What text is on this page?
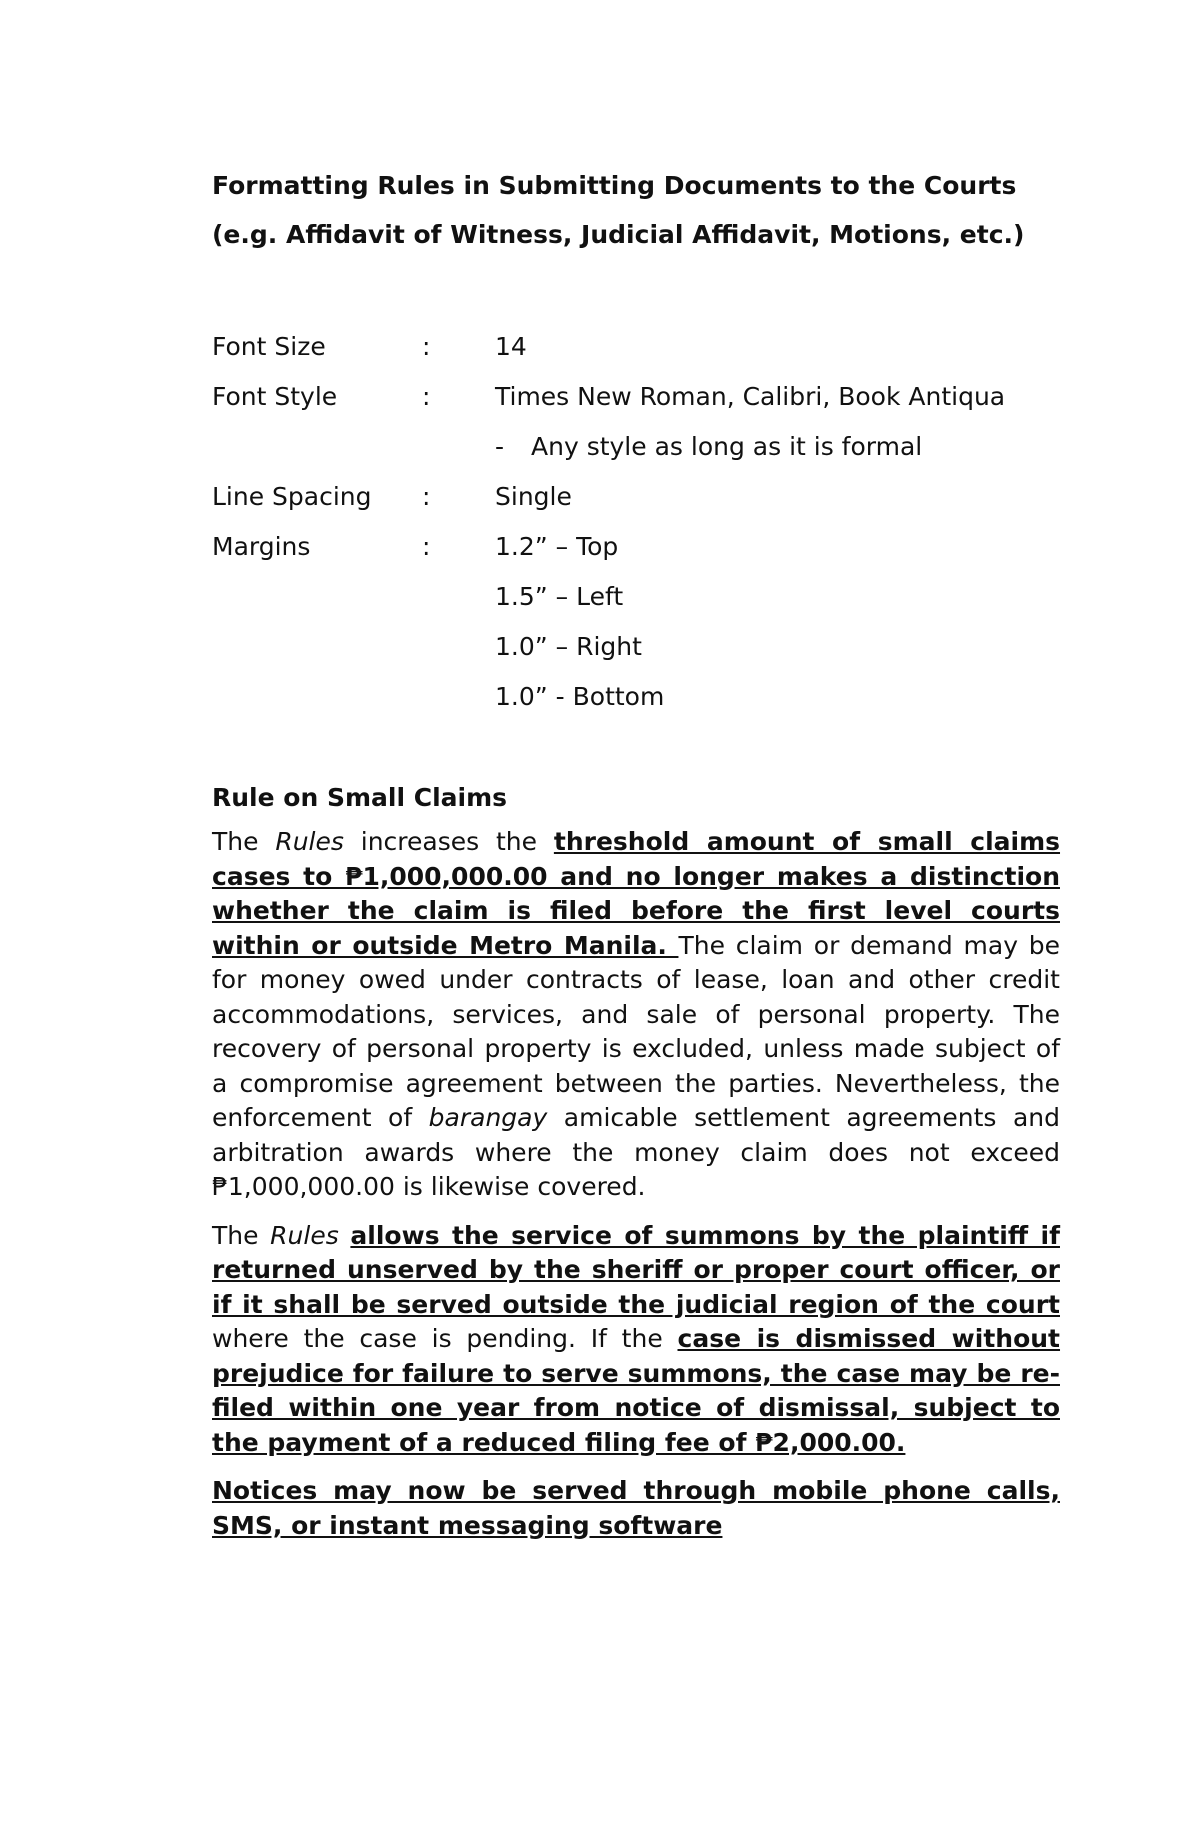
Formatting Rules in Submitting Documents to the Courts

(e.g. Affidavit of Witness, Judicial Affidavit, Motions, etc.)

Font Size	:	14
Font Style	:	Times New Roman, Calibri, Book Antiqua
- Any style as long as it is formal
Line Spacing	:	Single
Margins	:	1.2” – Top
1.5” – Left
1.0” – Right
1.0” - Bottom

Rule on Small Claims

The Rules increases the threshold amount of small claims cases to ₱1,000,000.00 and no longer makes a distinction whether the claim is filed before the first level courts within or outside Metro Manila. The claim or demand may be for money owed under contracts of lease, loan and other credit accommodations, services, and sale of personal property. The recovery of personal property is excluded, unless made subject of a compromise agreement between the parties. Nevertheless, the enforcement of barangay amicable settlement agreements and arbitration awards where the money claim does not exceed ₱1,000,000.00 is likewise covered.

The Rules allows the service of summons by the plaintiff if returned unserved by the sheriff or proper court officer, or if it shall be served outside the judicial region of the court where the case is pending. If the case is dismissed without prejudice for failure to serve summons, the case may be re-filed within one year from notice of dismissal, subject to the payment of a reduced filing fee of ₱2,000.00.

Notices may now be served through mobile phone calls, SMS, or instant messaging software
